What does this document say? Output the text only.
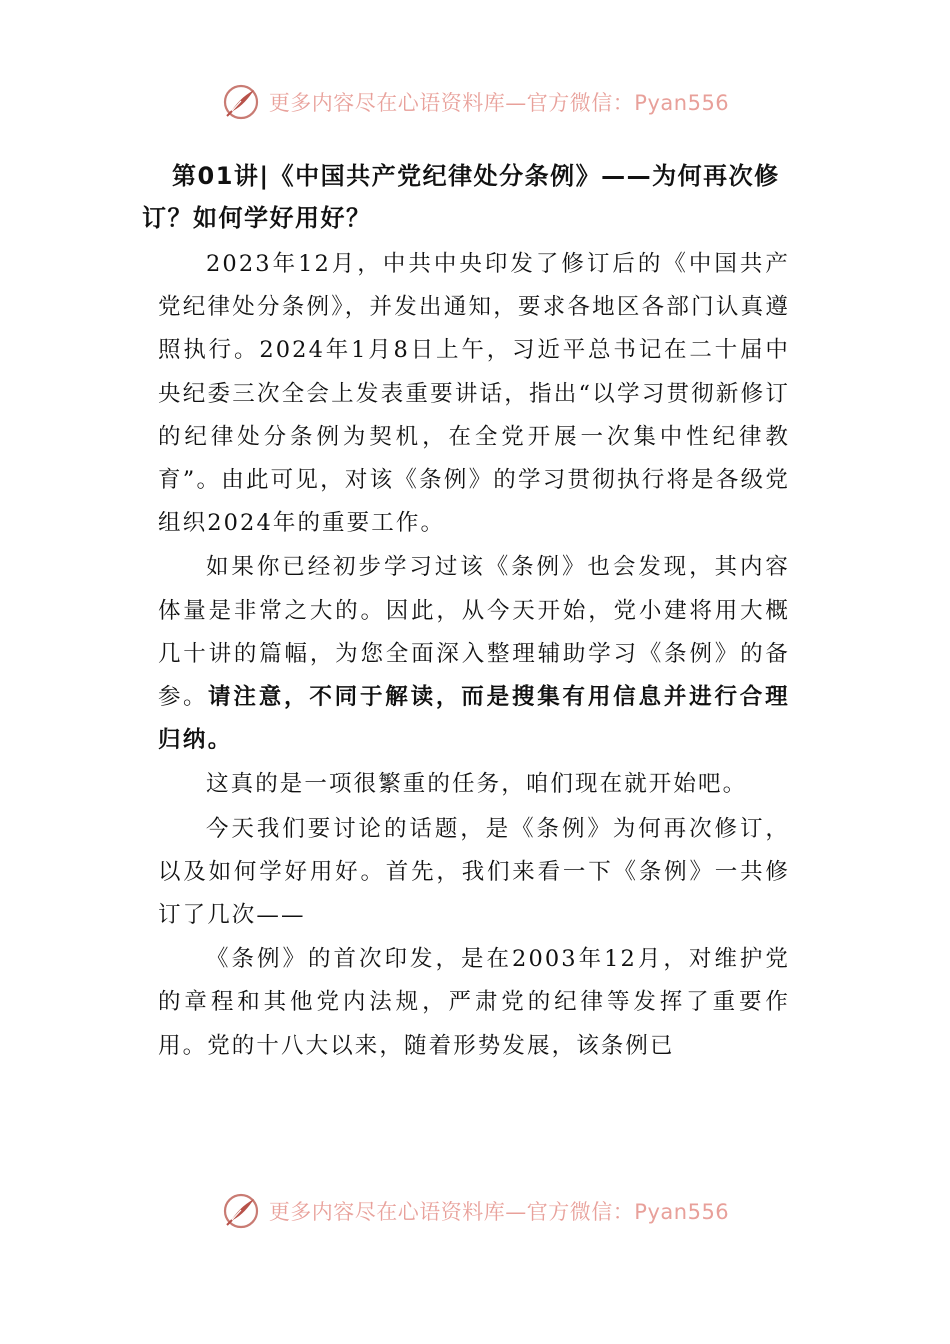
更多内容尽在心语资料库—官方微信：Pyan556
第01讲|《中国共产党纪律处分条例》——为何再次修订？如何学好用好？

2023年12月，中共中央印发了修订后的《中国共产党纪律处分条例》，并发出通知，要求各地区各部门认真遵照执行。2024年1月8日上午，习近平总书记在二十届中央纪委三次全会上发表重要讲话，指出“以学习贯彻新修订的纪律处分条例为契机，在全党开展一次集中性纪律教育”。由此可见，对该《条例》的学习贯彻执行将是各级党组织2024年的重要工作。

如果你已经初步学习过该《条例》也会发现，其内容体量是非常之大的。因此，从今天开始，党小建将用大概几十讲的篇幅，为您全面深入整理辅助学习《条例》的备参。请注意，不同于解读，而是搜集有用信息并进行合理归纳。

这真的是一项很繁重的任务，咱们现在就开始吧。

今天我们要讨论的话题，是《条例》为何再次修订，以及如何学好用好。首先，我们来看一下《条例》一共修订了几次——

《条例》的首次印发，是在2003年12月，对维护党的章程和其他党内法规，严肃党的纪律等发挥了重要作用。党的十八大以来，随着形势发展，该条例已

更多内容尽在心语资料库—官方微信：Pyan556
